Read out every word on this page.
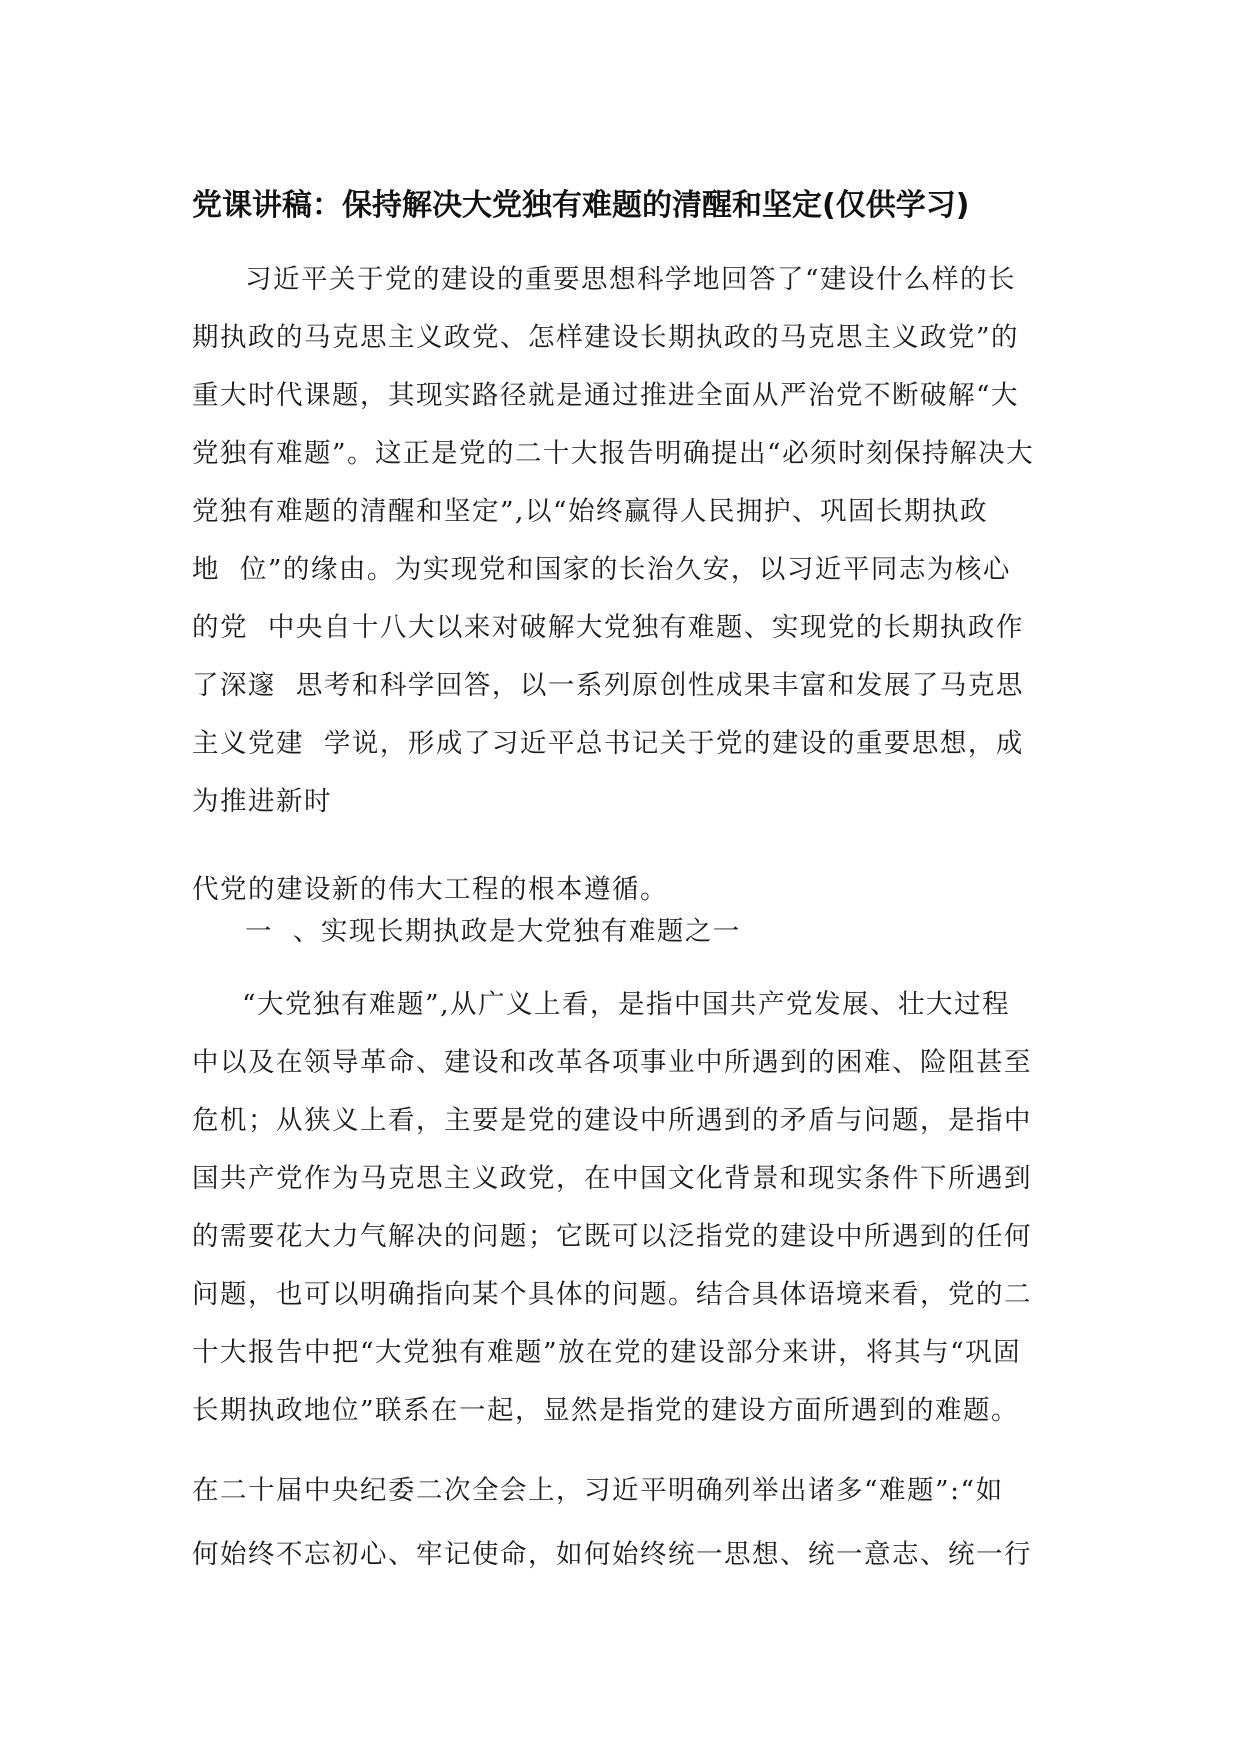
党课讲稿：保持解决大党独有难题的清醒和坚定(仅供学习)
习近平关于党的建设的重要思想科学地回答了“建设什么样的长
期执政的马克思主义政党、怎样建设长期执政的马克思主义政党”的
重大时代课题，其现实路径就是通过推进全面从严治党不断破解“大
党独有难题”。这正是党的二十大报告明确提出“必须时刻保持解决大
党独有难题的清醒和坚定”,以“始终赢得人民拥护、巩固长期执政
地  位”的缘由。为实现党和国家的长治久安，以习近平同志为核心
的党  中央自十八大以来对破解大党独有难题、实现党的长期执政作
了深邃  思考和科学回答，以一系列原创性成果丰富和发展了马克思
主义党建  学说，形成了习近平总书记关于党的建设的重要思想，成
为推进新时
代党的建设新的伟大工程的根本遵循。
一  、实现长期执政是大党独有难题之一
“大党独有难题”,从广义上看，是指中国共产党发展、壮大过程
中以及在领导革命、建设和改革各项事业中所遇到的困难、险阻甚至
危机；从狭义上看，主要是党的建设中所遇到的矛盾与问题，是指中
国共产党作为马克思主义政党，在中国文化背景和现实条件下所遇到
的需要花大力气解决的问题；它既可以泛指党的建设中所遇到的任何
问题，也可以明确指向某个具体的问题。结合具体语境来看，党的二
十大报告中把“大党独有难题”放在党的建设部分来讲，将其与“巩固
长期执政地位”联系在一起，显然是指党的建设方面所遇到的难题。
在二十届中央纪委二次全会上，习近平明确列举出诸多“难题”:“如
何始终不忘初心、牢记使命，如何始终统一思想、统一意志、统一行
